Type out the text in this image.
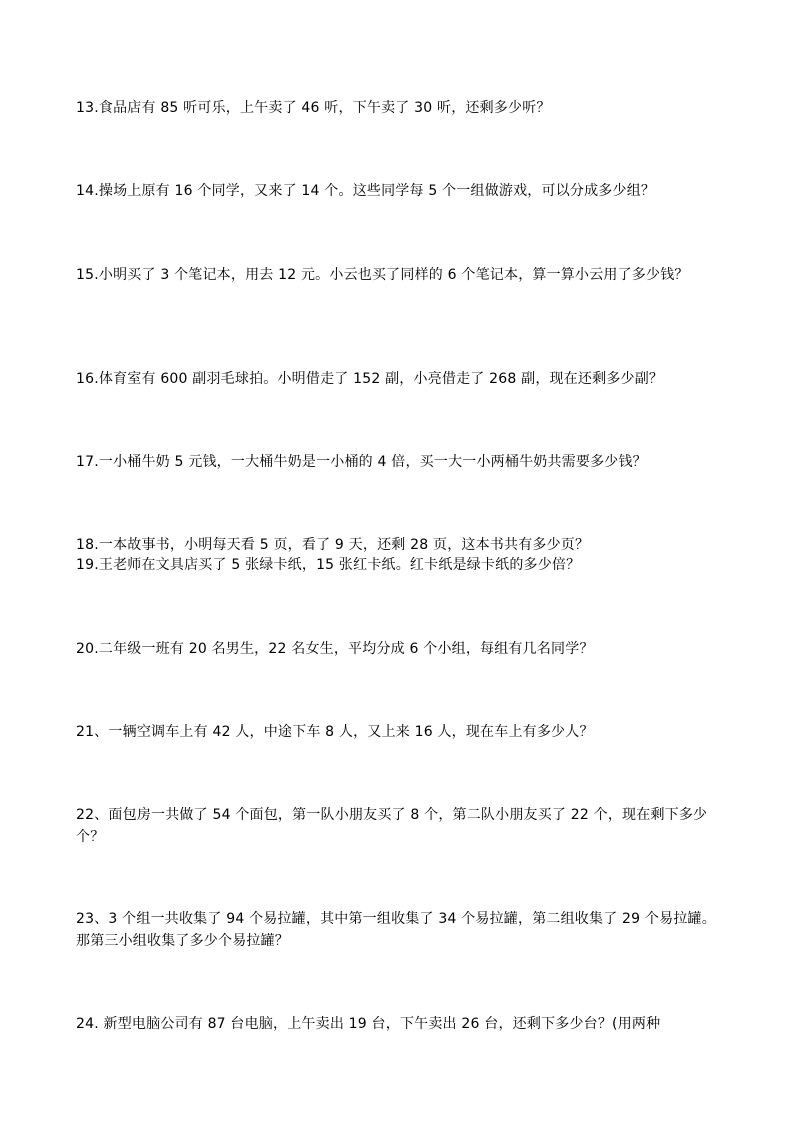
13.食品店有 85 听可乐，上午卖了 46 听，下午卖了 30 听，还剩多少听？
14.操场上原有 16 个同学，又来了 14 个。这些同学每 5 个一组做游戏，可以分成多少组？
15.小明买了 3 个笔记本，用去 12 元。小云也买了同样的 6 个笔记本，算一算小云用了多少钱？
16.体育室有 600 副羽毛球拍。小明借走了 152 副，小亮借走了 268 副，现在还剩多少副？
17.一小桶牛奶 5 元钱，一大桶牛奶是一小桶的 4 倍，买一大一小两桶牛奶共需要多少钱？
18.一本故事书，小明每天看 5 页，看了 9 天，还剩 28 页，这本书共有多少页？
19.王老师在文具店买了 5 张绿卡纸，15 张红卡纸。红卡纸是绿卡纸的多少倍？
20.二年级一班有 20 名男生，22 名女生，平均分成 6 个小组，每组有几名同学？
21、一辆空调车上有 42 人，中途下车 8 人，又上来 16 人，现在车上有多少人？
22、面包房一共做了 54 个面包，第一队小朋友买了 8 个，第二队小朋友买了 22 个，现在剩下多少个？
23、3 个组一共收集了 94 个易拉罐，其中第一组收集了 34 个易拉罐，第二组收集了 29 个易拉罐。那第三小组收集了多少个易拉罐？
24. 新型电脑公司有 87 台电脑，上午卖出 19 台，下午卖出 26 台，还剩下多少台？(用两种
